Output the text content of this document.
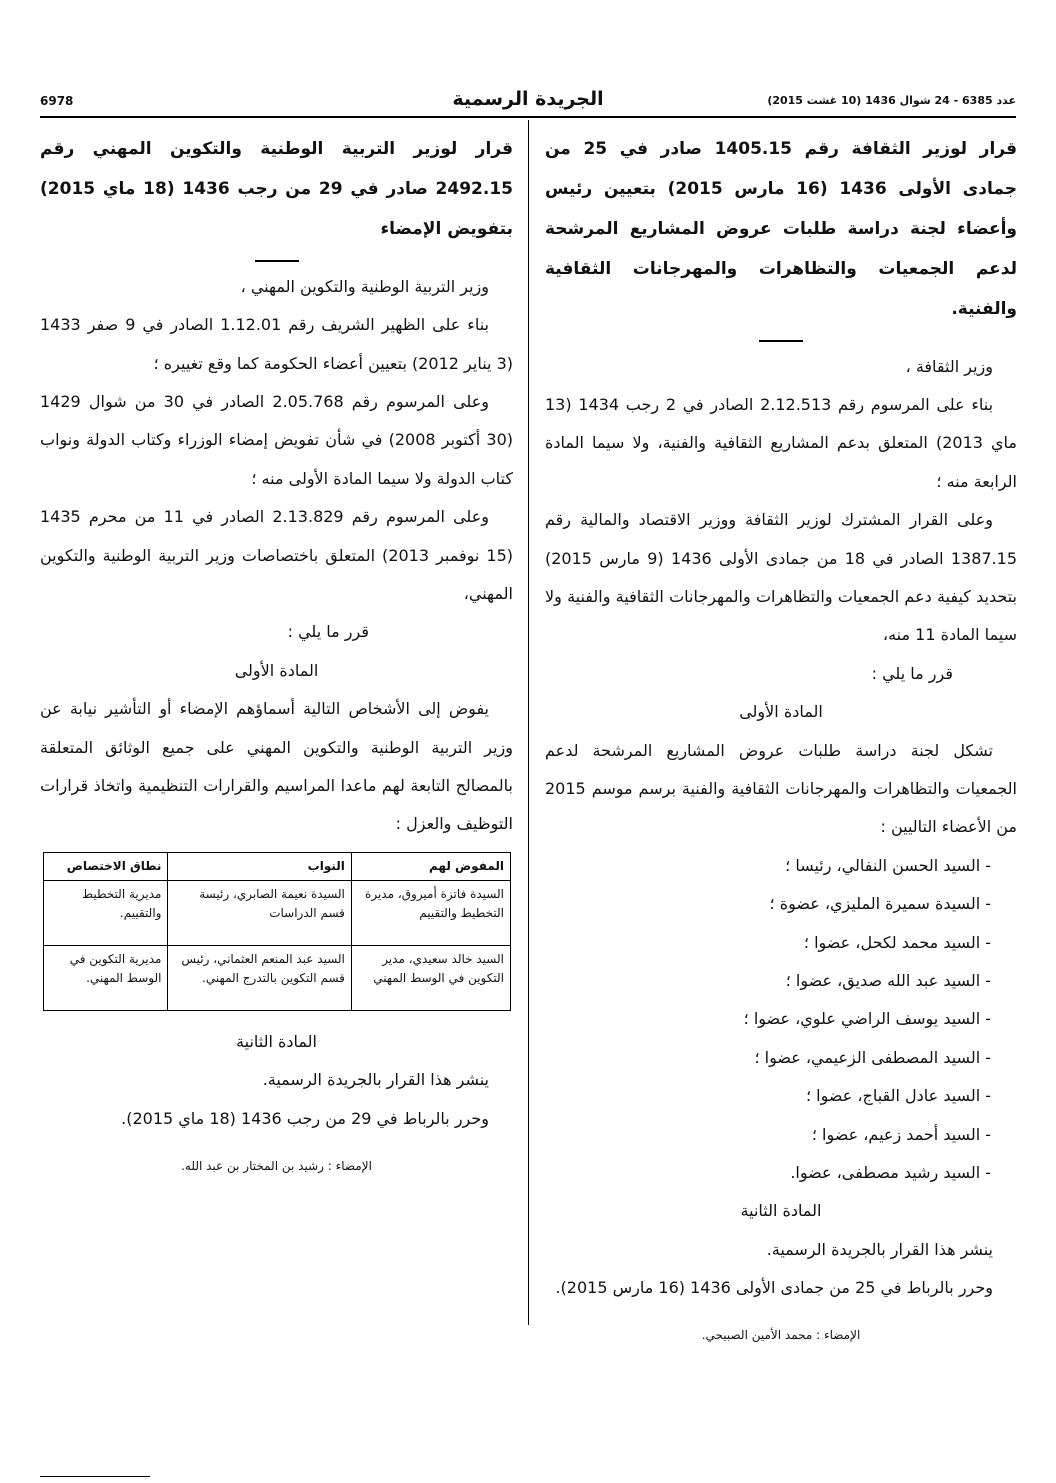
6978	الجريدة الرسمية	عدد 6385 - 24 شوال 1436 (10 غشت 2015)

قرار لوزير الثقافة رقم 1405.15 صادر في 25 من جمادى الأولى 1436 (16 مارس 2015) بتعيين رئيس وأعضاء لجنة دراسة طلبات عروض المشاريع المرشحة لدعم الجمعيات والتظاهرات والمهرجانات الثقافية والفنية.

وزير الثقافة ،

بناء على المرسوم رقم 2.12.513 الصادر في 2 رجب 1434 (13 ماي 2013) المتعلق بدعم المشاريع الثقافية والفنية، ولا سيما المادة الرابعة منه ؛

وعلى القرار المشترك لوزير الثقافة ووزير الاقتصاد والمالية رقم 1387.15 الصادر في 18 من جمادى الأولى 1436 (9 مارس 2015) بتحديد كيفية دعم الجمعيات والتظاهرات والمهرجانات الثقافية والفنية ولا سيما المادة 11 منه،

قرر ما يلي :

المادة الأولى

تشكل لجنة دراسة طلبات عروض المشاريع المرشحة لدعم الجمعيات والتظاهرات والمهرجانات الثقافية والفنية برسم موسم 2015 من الأعضاء التاليين :

- السيد الحسن النفالي، رئيسا ؛

- السيدة سميرة المليزي، عضوة ؛

- السيد محمد لكحل، عضوا ؛

- السيد عبد الله صديق، عضوا ؛

- السيد يوسف الراضي علوي، عضوا ؛

- السيد المصطفى الزعيمي، عضوا ؛

- السيد عادل القباج، عضوا ؛

- السيد أحمد زعيم، عضوا ؛

- السيد رشيد مصطفى، عضوا.

المادة الثانية

ينشر هذا القرار بالجريدة الرسمية.

وحرر بالرباط في 25 من جمادى الأولى 1436 (16 مارس 2015).

الإمضاء : محمد الأمين الصبيحي.

قرار لوزير التربية الوطنية والتكوين المهني رقم 2492.15 صادر في 29 من رجب 1436 (18 ماي 2015) بتفويض الإمضاء

وزير التربية الوطنية والتكوين المهني ،

بناء على الظهير الشريف رقم 1.12.01 الصادر في 9 صفر 1433 (3 يناير 2012) بتعيين أعضاء الحكومة كما وقع تغييره ؛

وعلى المرسوم رقم 2.05.768 الصادر في 30 من شوال 1429 (30 أكتوبر 2008) في شأن تفويض إمضاء الوزراء وكتاب الدولة ونواب كتاب الدولة ولا سيما المادة الأولى منه ؛

وعلى المرسوم رقم 2.13.829 الصادر في 11 من محرم 1435 (15 نوفمبر 2013) المتعلق باختصاصات وزير التربية الوطنية والتكوين المهني،

قرر ما يلي :

المادة الأولى

يفوض إلى الأشخاص التالية أسماؤهم الإمضاء أو التأشير نيابة عن وزير التربية الوطنية والتكوين المهني على جميع الوثائق المتعلقة بالمصالح التابعة لهم ماعدا المراسيم والقرارات التنظيمية واتخاذ قرارات التوظيف والعزل :

المفوض لهم	النواب	نطاق الاختصاص
السيدة فاتزة أميروق، مديرة التخطيط والتقييم	السيدة نعيمة الصابري، رئيسة قسم الدراسات	مديرية التخطيط والتقييم.
السيد خالد سعيدي، مدير التكوين في الوسط المهني	السيد عبد المنعم العثماني، رئيس قسم التكوين بالتدرج المهني.	مديرية التكوين في الوسط المهني.

المادة الثانية

ينشر هذا القرار بالجريدة الرسمية.

وحرر بالرباط في 29 من رجب 1436 (18 ماي 2015).

الإمضاء : رشيد بن المختار بن عبد الله.
